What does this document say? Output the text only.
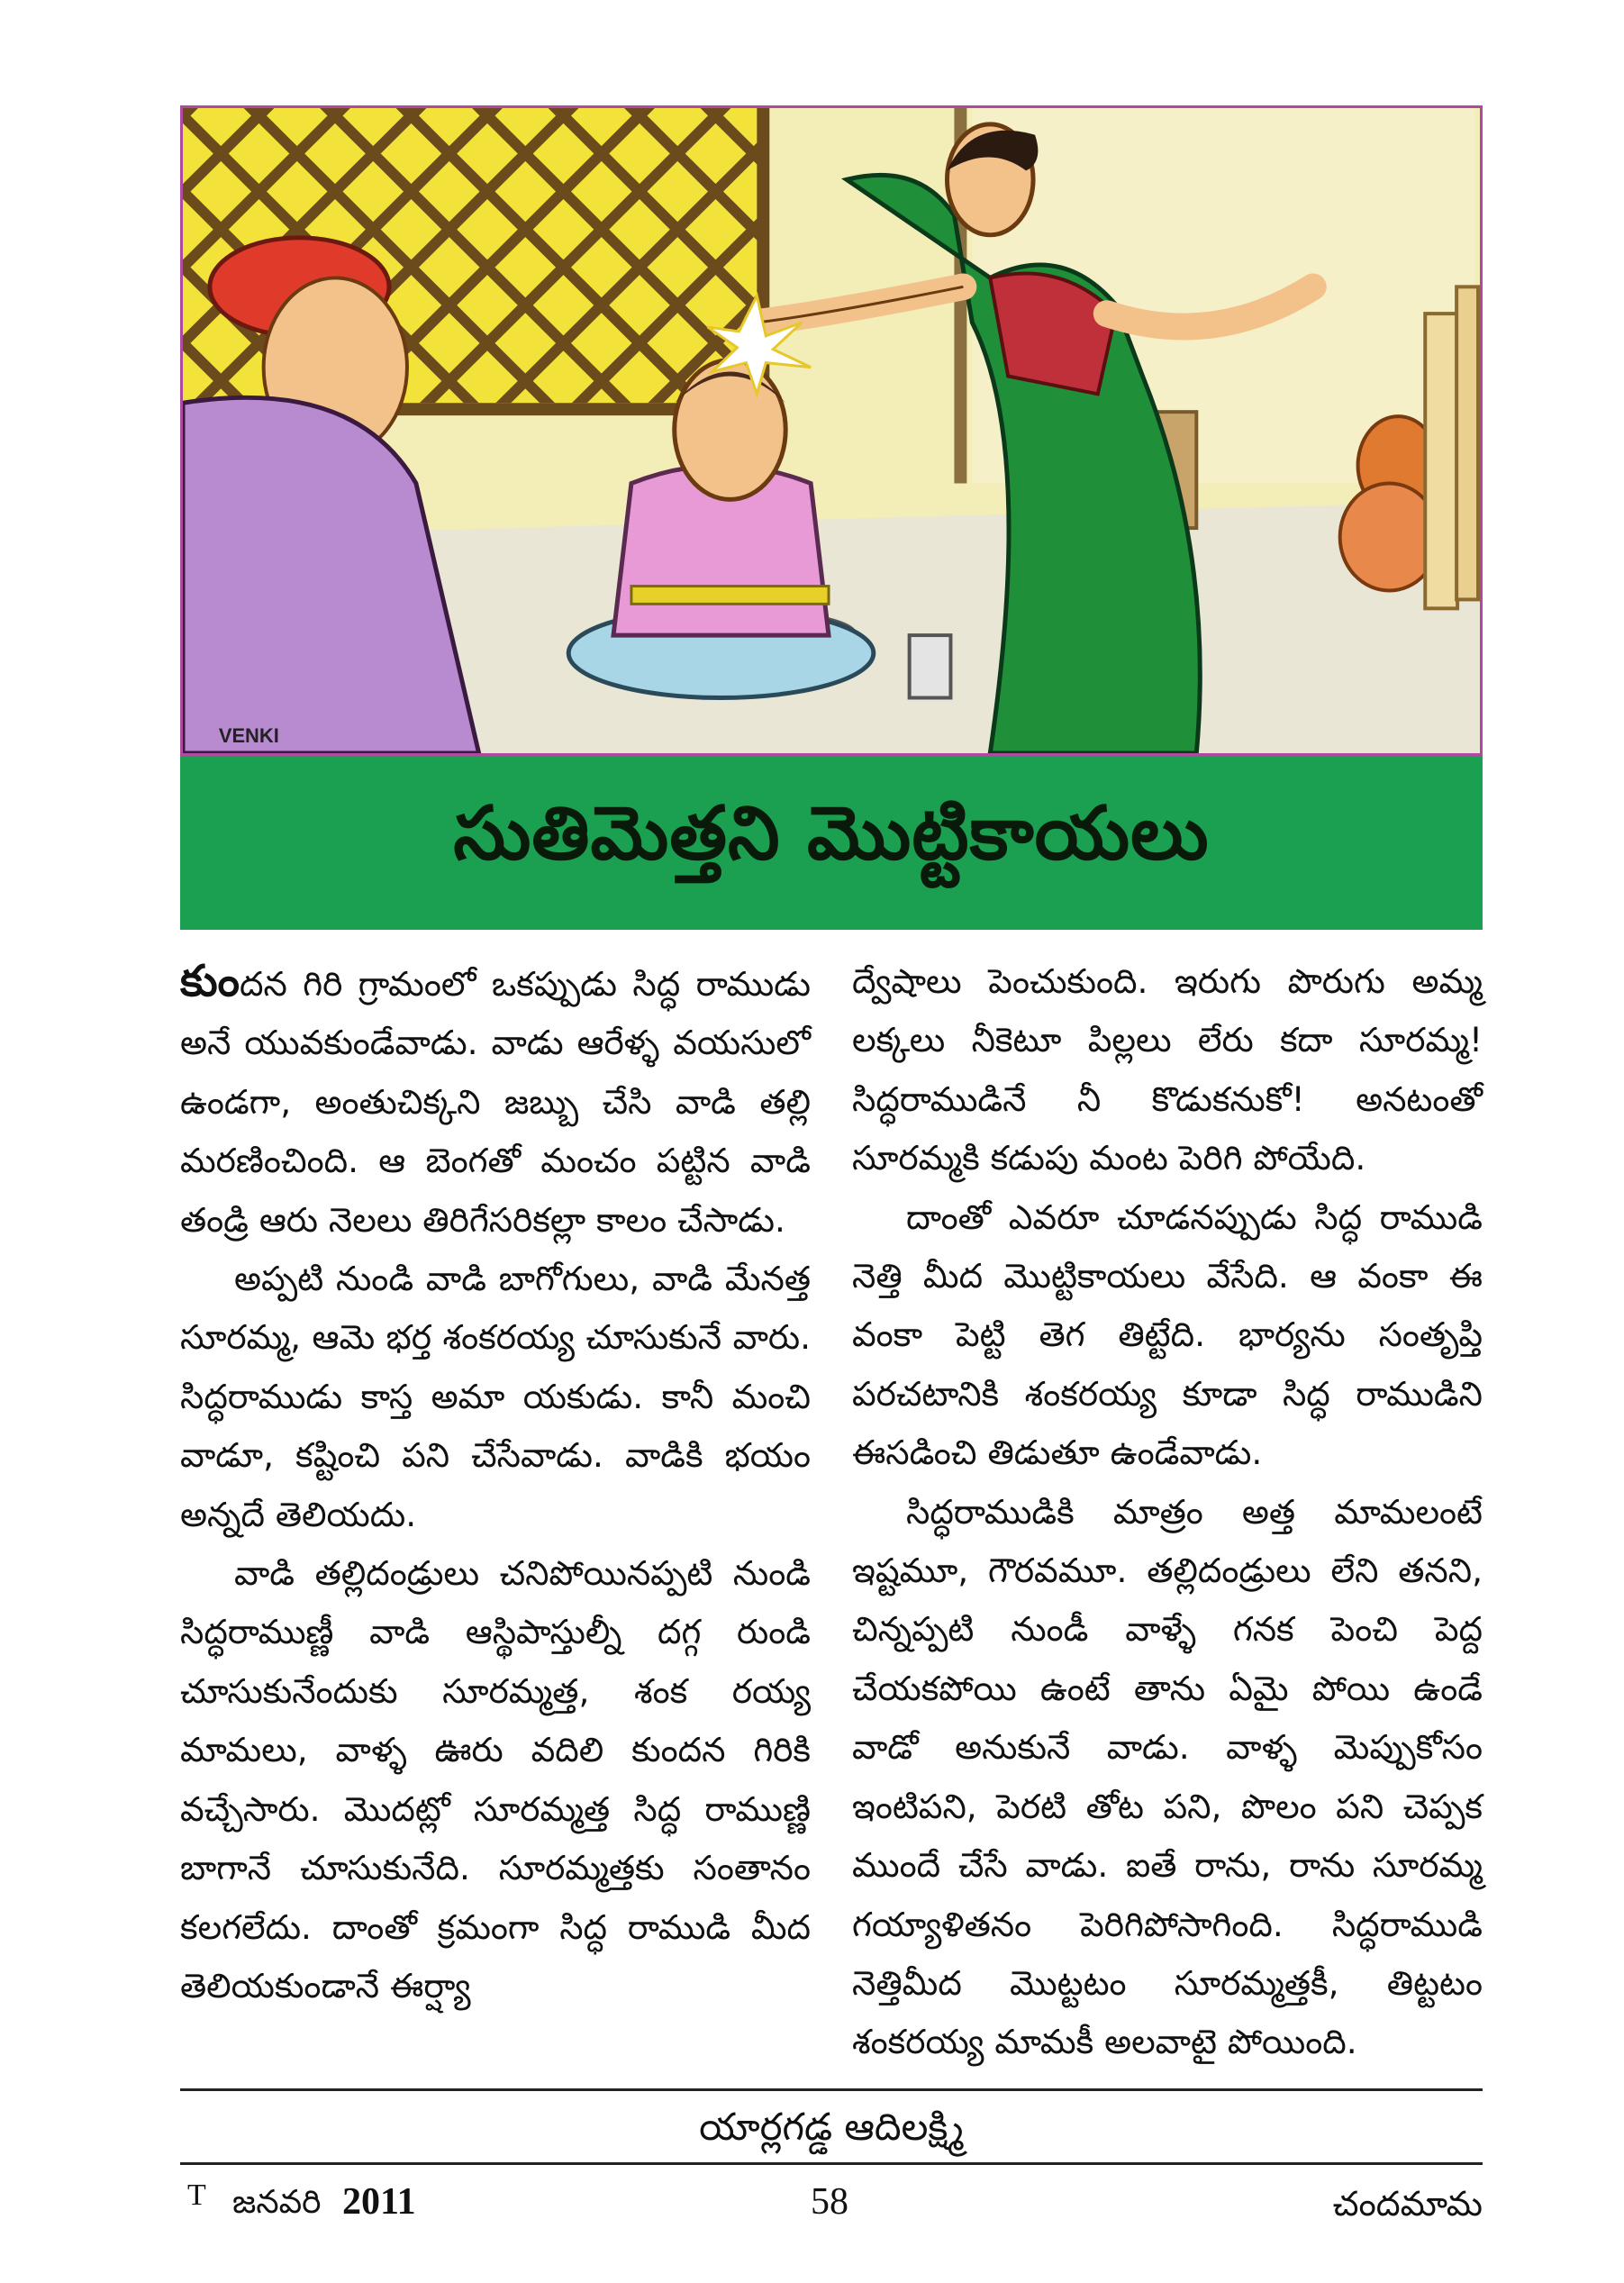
VENKI
సుతిమెత్తని మొట్టికాయలు

కుందన గిరి గ్రామంలో ఒకప్పుడు సిద్ధ రాముడు అనే యువకుండేవాడు. వాడు ఆరేళ్ళ వయసులో ఉండగా, అంతుచిక్కని జబ్బు చేసి వాడి తల్లి మరణించింది. ఆ బెంగతో మంచం పట్టిన వాడి తండ్రి ఆరు నెలలు తిరిగేసరికల్లా కాలం చేసాడు.

అప్పటి నుండి వాడి బాగోగులు, వాడి మేనత్త సూరమ్మ, ఆమె భర్త శంకరయ్య చూసుకునే వారు. సిద్ధరాముడు కాస్త అమా యకుడు. కానీ మంచి వాడూ, కష్టించి పని చేసేవాడు. వాడికి భయం అన్నదే తెలియదు.

వాడి తల్లిదండ్రులు చనిపోయినప్పటి నుండి సిద్ధరాముణ్ణీ వాడి ఆస్థిపాస్తుల్నీ దగ్గ రుండి చూసుకునేందుకు సూరమ్మత్త, శంక రయ్య మామలు, వాళ్ళ ఊరు వదిలి కుందన గిరికి వచ్చేసారు. మొదట్లో సూరమ్మత్త సిద్ధ రాముణ్ణి బాగానే చూసుకునేది. సూరమ్మత్తకు సంతానం కలగలేదు. దాంతో క్రమంగా సిద్ధ రాముడి మీద తెలియకుండానే ఈర్ష్యా

ద్వేషాలు పెంచుకుంది. ఇరుగు పొరుగు అమ్మ లక్కలు నీకెటూ పిల్లలు లేరు కదా సూరమ్మ! సిద్ధరాముడినే నీ కొడుకనుకో! అనటంతో సూరమ్మకి కడుపు మంట పెరిగి పోయేది.

దాంతో ఎవరూ చూడనప్పుడు సిద్ధ రాముడి నెత్తి మీద మొట్టికాయలు వేసేది. ఆ వంకా ఈ వంకా పెట్టి తెగ తిట్టేది. భార్యను సంతృప్తి పరచటానికి శంకరయ్య కూడా సిద్ధ రాముడిని ఈసడించి తిడుతూ ఉండేవాడు.

సిద్ధరాముడికి మాత్రం అత్త మామలంటే ఇష్టమూ, గౌరవమూ. తల్లిదండ్రులు లేని తనని, చిన్నప్పటి నుండీ వాళ్ళే గనక పెంచి పెద్ద చేయకపోయి ఉంటే తాను ఏమై పోయి ఉండే వాడో అనుకునే వాడు. వాళ్ళ మెప్పుకోసం ఇంటిపని, పెరటి తోట పని, పొలం పని చెప్పక ముందే చేసే వాడు. ఐతే రాను, రాను సూరమ్మ గయ్యాళితనం పెరిగిపోసాగింది. సిద్ధరాముడి నెత్తిమీద మొట్టటం సూరమ్మత్తకీ, తిట్టటం శంకరయ్య మామకీ అలవాటై పోయింది.

యార్లగడ్డ ఆదిలక్ష్మి
T జనవరి 2011	58	చందమామ
